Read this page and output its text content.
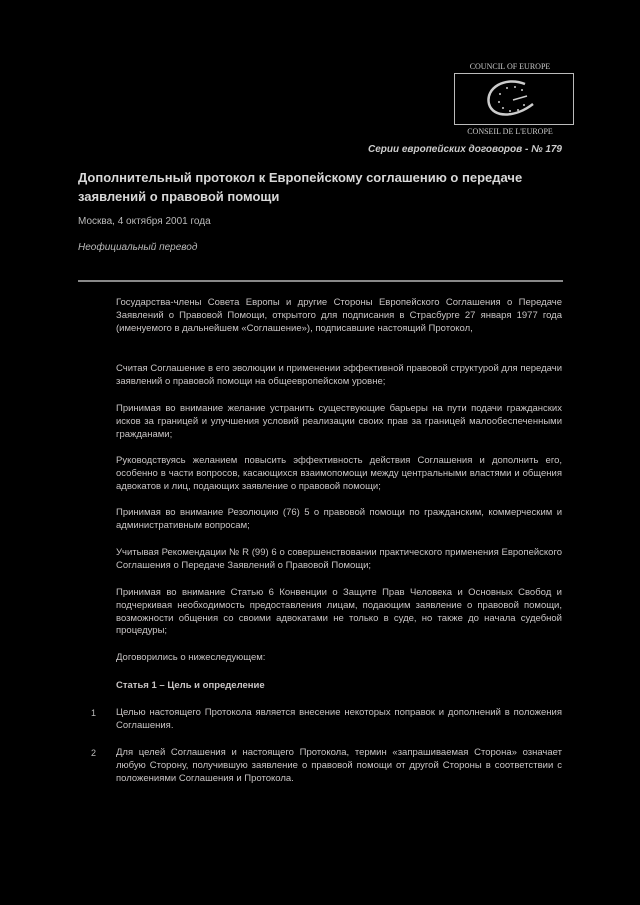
COUNCIL OF EUROPE
CONSEIL DE L'EUROPE
Серии европейских договоров - № 179
Дополнительный протокол к Европейскому соглашению о передаче заявлений о правовой помощи
Москва, 4 октября 2001 года
Неофициальный перевод
Государства-члены Совета Европы и другие Стороны Европейского Соглашения о Передаче Заявлений о Правовой Помощи, открытого для подписания в Страсбурге 27 января 1977 года (именуемого в дальнейшем «Соглашение»), подписавшие настоящий Протокол,
Считая Соглашение в его эволюции и применении эффективной правовой структурой для передачи заявлений о правовой помощи на общеевропейском уровне;
Принимая во внимание желание устранить существующие барьеры на пути подачи гражданских исков за границей и улучшения условий реализации своих прав за границей малообеспеченными гражданами;
Руководствуясь желанием повысить эффективность действия Соглашения и дополнить его, особенно в части вопросов, касающихся взаимопомощи между центральными властями и общения адвокатов и лиц, подающих заявление о правовой помощи;
Принимая во внимание Резолюцию (76) 5 о правовой помощи по гражданским, коммерческим и административным вопросам;
Учитывая Рекомендации № R (99) 6 о совершенствовании практического применения Европейского Соглашения о Передаче Заявлений о Правовой Помощи;
Принимая во внимание Статью 6 Конвенции о Защите Прав Человека и Основных Свобод и подчеркивая необходимость предоставления лицам, подающим заявление о правовой помощи, возможности общения со своими адвокатами не только в суде, но также до начала судебной процедуры;
Договорились о нижеследующем:
Статья 1 – Цель и определение
1 Целью настоящего Протокола является внесение некоторых поправок и дополнений в положения Соглашения.
2 Для целей Соглашения и настоящего Протокола, термин «запрашиваемая Сторона» означает любую Сторону, получившую заявление о правовой помощи от другой Стороны в соответствии с положениями Соглашения и Протокола.
